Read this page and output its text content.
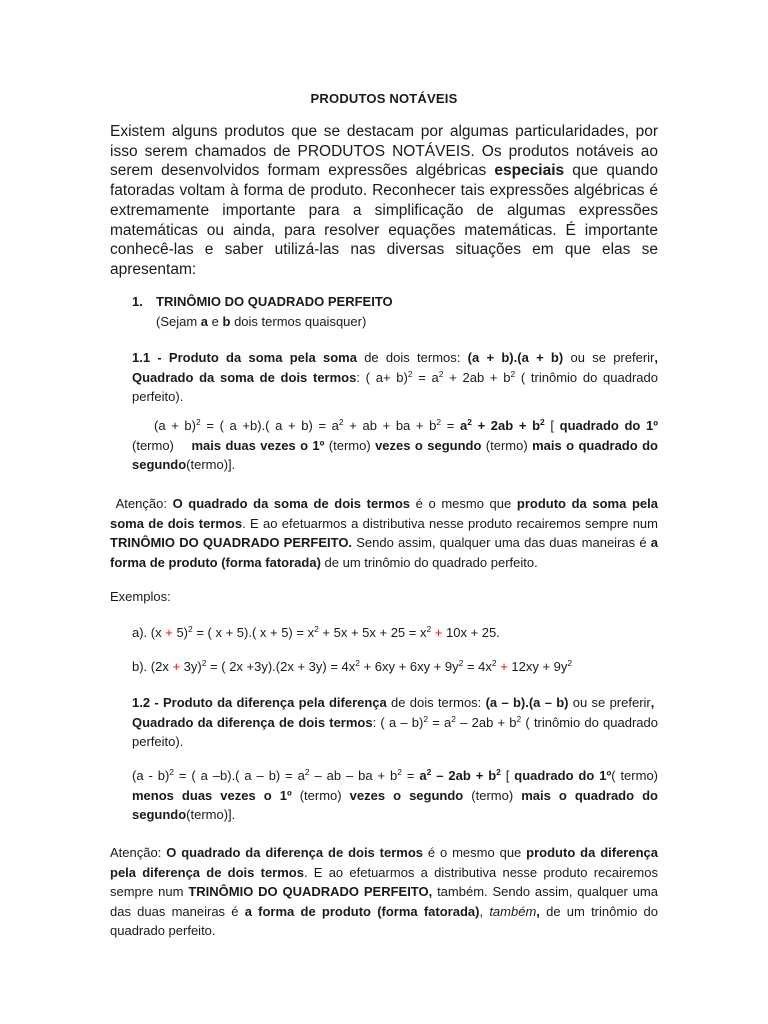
PRODUTOS NOTÁVEIS
Existem alguns produtos que se destacam por algumas particularidades, por isso serem chamados de PRODUTOS NOTÁVEIS. Os produtos notáveis ao serem desenvolvidos formam expressões algébricas especiais que quando fatoradas voltam à forma de produto. Reconhecer tais expressões algébricas é extremamente importante para a simplificação de algumas expressões matemáticas ou ainda, para resolver equações matemáticas. É importante conhecê-las e saber utilizá-las nas diversas situações em que elas se apresentam:
1. TRINÔMIO DO QUADRADO PERFEITO
(Sejam a e b dois termos quaisquer)
1.1 - Produto da soma pela soma de dois termos: (a + b).(a + b) ou se preferir, Quadrado da soma de dois termos: ( $a+ b)^2 = a^2 + 2ab + b^2$ ( trinômio do quadrado perfeito).
$(a + b)^2$ = ( a +b).( $a + b) = a^2$ + ab + ba + $b^2 = a^2 + 2ab + b^2$ [ quadrado do 1º (termo) mais duas vezes o 1º (termo) vezes o segundo (termo) mais o quadrado do segundo(termo)].
Atenção: O quadrado da soma de dois termos é o mesmo que produto da soma pela soma de dois termos. E ao efetuarmos a distributiva nesse produto recairemos sempre num TRINÔMIO DO QUADRADO PERFEITO. Sendo assim, qualquer uma das duas maneiras é a forma de produto (forma fatorada) de um trinômio do quadrado perfeito.
Exemplos:
a). $(x + 5)^2$ = ( x + 5).( $x + 5) = x^2 + 5x + 5x + 25 = x^2 + 10x + 25$.
b). $(2x + 3y)^2$ = ( $2x +3y).(2x + 3y) = 4x^2 + 6xy + 6xy + 9y^2 = 4x^2 + 12xy + 9y^2$
1.2 - Produto da diferença pela diferença de dois termos: (a – b).(a – b) ou se preferir,  Quadrado da diferença de dois termos: ( $a - b)^2 = a^2 - 2ab + b^2$ ( trinômio do quadrado perfeito).
(a - b)$^2$ = ( a –b).( $a - b) = a^2$ – ab – ba + $b^2 = a^2 - 2ab + b^2$ [ quadrado do 1º( termo) menos duas vezes o 1º (termo) vezes o segundo (termo) mais o quadrado do segundo(termo)].
Atenção: O quadrado da diferença de dois termos é o mesmo que produto da diferença pela diferença de dois termos. E ao efetuarmos a distributiva nesse produto recairemos sempre num TRINÔMIO DO QUADRADO PERFEITO, também. Sendo assim, qualquer uma das duas maneiras é a forma de produto (forma fatorada), também, de um trinômio do quadrado perfeito.
